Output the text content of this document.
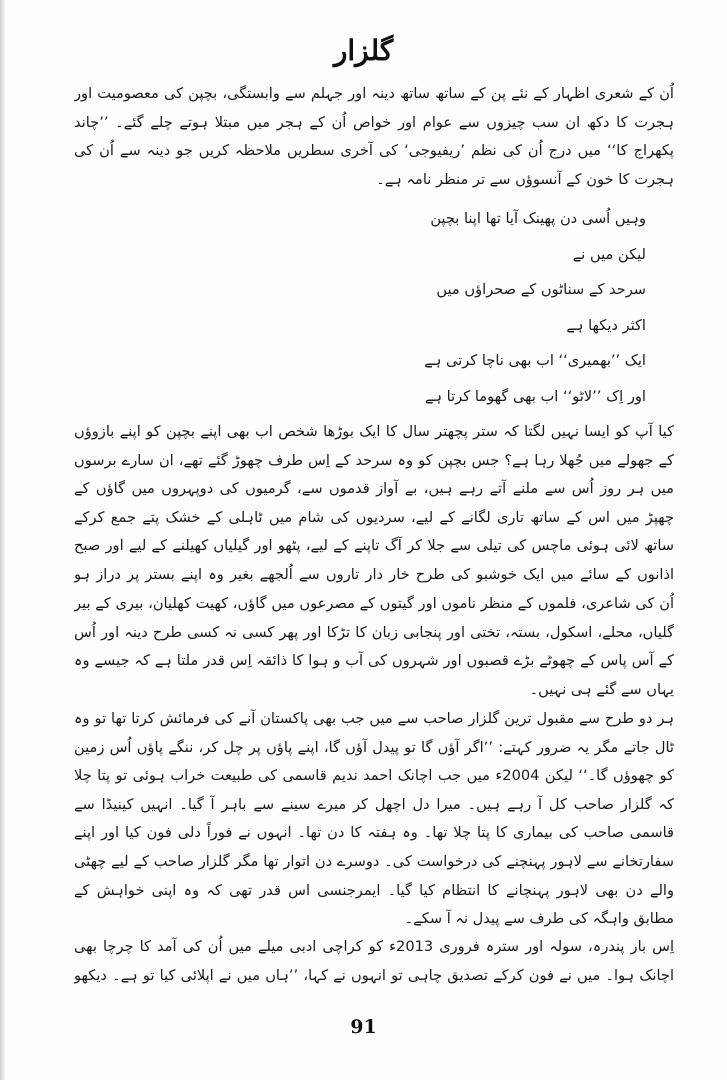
گلزار

اُن کے شعری اظہار کے نئے پن کے ساتھ ساتھ دینہ اور جہلم سے وابستگی، بچپن کی معصومیت اور ہجرت کا دکھ ان سب چیزوں سے عوام اور خواص اُن کے ہجر میں مبتلا ہوتے چلے گئے۔ ’’چاند پکھراج کا‘‘ میں درج اُن کی نظم ’ریفیوجی‘ کی آخری سطریں ملاحظہ کریں جو دینہ سے اُن کی ہجرت کا خون کے آنسوؤں سے تر منظر نامہ ہے۔

وہیں اُسی دن پھینک آیا تھا اپنا بچپن
لیکن میں نے
سرحد کے سناٹوں کے صحراؤں میں
اکثر دیکھا ہے
ایک ’’بھمیری‘‘ اب بھی ناچا کرتی ہے
اور اِک ’’لاٹو‘‘ اب بھی گھوما کرتا ہے

کیا آپ کو ایسا نہیں لگتا کہ ستر پچھتر سال کا ایک بوڑھا شخص اب بھی اپنے بچپن کو اپنے بازوؤں کے جھولے میں جُھلا رہا ہے؟ جس بچپن کو وہ سرحد کے اِس طرف چھوڑ گئے تھے، ان سارے برسوں میں ہر روز اُس سے ملنے آتے رہے ہیں، بے آواز قدموں سے، گرمیوں کی دوپہروں میں گاؤں کے چھپڑ میں اس کے ساتھ تاری لگانے کے لیے، سردیوں کی شام میں ٹاہلی کے خشک پتے جمع کرکے ساتھ لائی ہوئی ماچس کی تیلی سے جلا کر آگ تاپنے کے لیے، پٹھو اور گیلیاں کھیلنے کے لیے اور صبح اذانوں کے سائے میں ایک خوشبو کی طرح خار دار تاروں سے اُلجھے بغیر وہ اپنے بستر پر دراز ہو

اُن کی شاعری، فلموں کے منظر ناموں اور گیتوں کے مصرعوں میں گاؤں، کھیت کھلیان، بیری کے بیر گلیاں، محلے، اسکول، بستہ، تختی اور پنجابی زبان کا تڑکا اور پھر کسی نہ کسی طرح دینہ اور اُس کے آس پاس کے چھوٹے بڑے قصبوں اور شہروں کی آب و ہوا کا ذائقہ اِس قدر ملتا ہے کہ جیسے وہ یہاں سے گئے ہی نہیں۔

ہر دو طرح سے مقبول ترین گلزار صاحب سے میں جب بھی پاکستان آنے کی فرمائش کرتا تھا تو وہ ٹال جاتے مگر یہ ضرور کہتے: ’’اگر آؤں گا تو پیدل آؤں گا، اپنے پاؤں پر چل کر، ننگے پاؤں اُس زمین کو چھوؤں گا۔‘‘ لیکن 2004ء میں جب اچانک احمد ندیم قاسمی کی طبیعت خراب ہوئی تو پتا چلا کہ گلزار صاحب کل آ رہے ہیں۔ میرا دل اچھل کر میرے سینے سے باہر آ گیا۔ انہیں کینیڈا سے قاسمی صاحب کی بیماری کا پتا چلا تھا۔ وہ ہفتہ کا دن تھا۔ انہوں نے فوراً دلی فون کیا اور اپنے سفارتخانے سے لاہور پہنچنے کی درخواست کی۔ دوسرے دن اتوار تھا مگر گلزار صاحب کے لیے چھٹی والے دن بھی لاہور پہنچانے کا انتظام کیا گیا۔ ایمرجنسی اس قدر تھی کہ وہ اپنی خواہش کے مطابق واہگہ کی طرف سے پیدل نہ آ سکے۔

اِس بار پندرہ، سولہ اور سترہ فروری 2013ء کو کراچی ادبی میلے میں اُن کی آمد کا چرچا بھی اچانک ہوا۔ میں نے فون کرکے تصدیق چاہی تو انہوں نے کہا، ’’ہاں میں نے اپلائی کیا تو ہے۔ دیکھو

91
